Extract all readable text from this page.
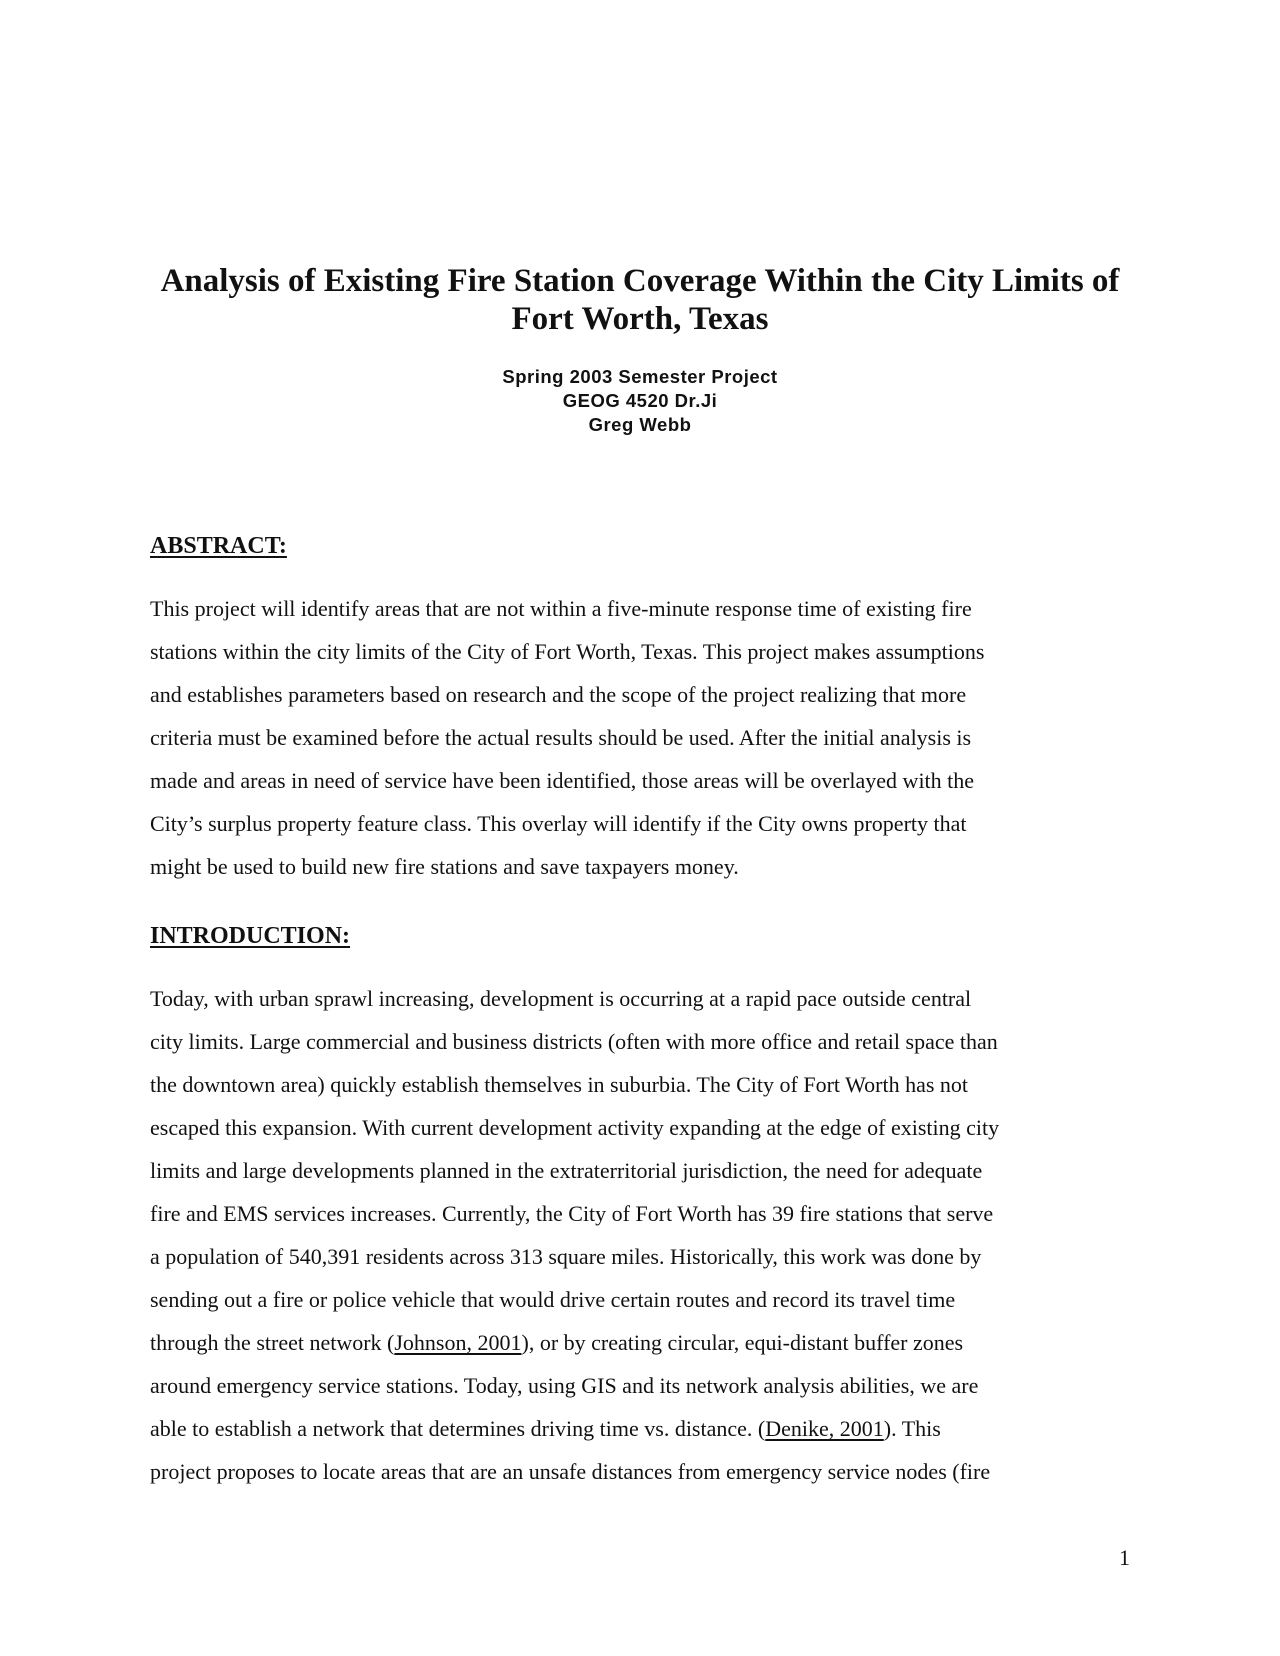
Analysis of Existing Fire Station Coverage Within the City Limits of
Fort Worth, Texas
Spring 2003 Semester Project
GEOG 4520 Dr.Ji
Greg Webb
ABSTRACT:
This project will identify areas that are not within a five-minute response time of existing fire
stations within the city limits of the City of Fort Worth, Texas. This project makes assumptions
and establishes parameters based on research and the scope of the project realizing that more
criteria must be examined before the actual results should be used. After the initial analysis is
made and areas in need of service have been identified, those areas will be overlayed with the
City’s surplus property feature class. This overlay will identify if the City owns property that
might be used to build new fire stations and save taxpayers money.
INTRODUCTION:
Today, with urban sprawl increasing, development is occurring at a rapid pace outside central
city limits. Large commercial and business districts (often with more office and retail space than
the downtown area) quickly establish themselves in suburbia. The City of Fort Worth has not
escaped this expansion. With current development activity expanding at the edge of existing city
limits and large developments planned in the extraterritorial jurisdiction, the need for adequate
fire and EMS services increases. Currently, the City of Fort Worth has 39 fire stations that serve
a population of 540,391 residents across 313 square miles. Historically, this work was done by
sending out a fire or police vehicle that would drive certain routes and record its travel time
through the street network (Johnson, 2001), or by creating circular, equi-distant buffer zones
around emergency service stations. Today, using GIS and its network analysis abilities, we are
able to establish a network that determines driving time vs. distance. (Denike, 2001). This
project proposes to locate areas that are an unsafe distances from emergency service nodes (fire
1
